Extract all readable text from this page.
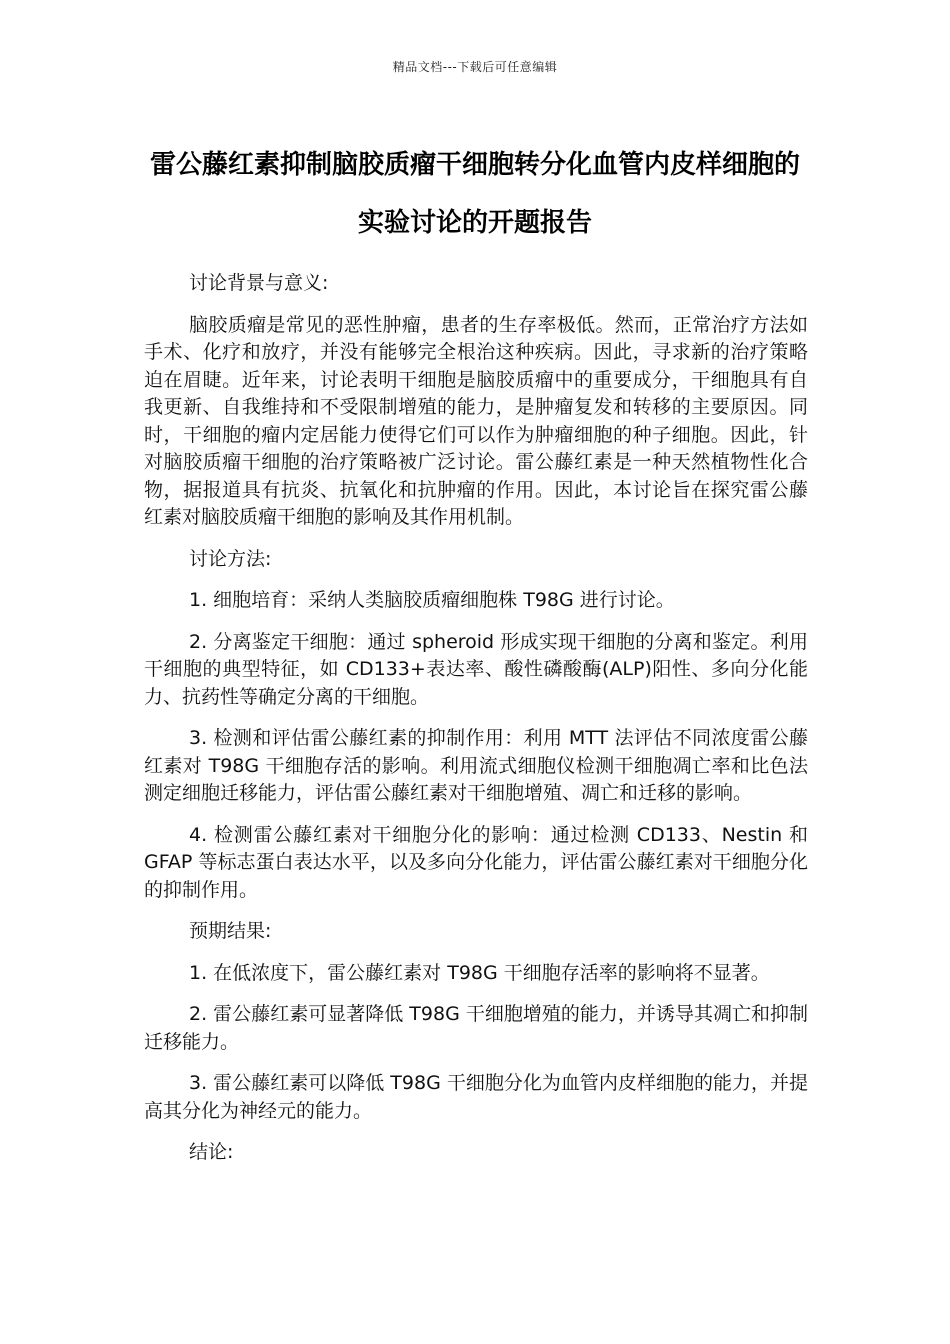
精品文档---下载后可任意编辑
雷公藤红素抑制脑胶质瘤干细胞转分化血管内皮样细胞的实验讨论的开题报告

讨论背景与意义:

脑胶质瘤是常见的恶性肿瘤，患者的生存率极低。然而，正常治疗方法如手术、化疗和放疗，并没有能够完全根治这种疾病。因此，寻求新的治疗策略迫在眉睫。近年来，讨论表明干细胞是脑胶质瘤中的重要成分，干细胞具有自我更新、自我维持和不受限制增殖的能力，是肿瘤复发和转移的主要原因。同时，干细胞的瘤内定居能力使得它们可以作为肿瘤细胞的种子细胞。因此，针对脑胶质瘤干细胞的治疗策略被广泛讨论。雷公藤红素是一种天然植物性化合物，据报道具有抗炎、抗氧化和抗肿瘤的作用。因此，本讨论旨在探究雷公藤红素对脑胶质瘤干细胞的影响及其作用机制。

讨论方法:

1. 细胞培育：采纳人类脑胶质瘤细胞株 T98G 进行讨论。

2. 分离鉴定干细胞：通过 spheroid 形成实现干细胞的分离和鉴定。利用干细胞的典型特征，如 CD133+表达率、酸性磷酸酶(ALP)阳性、多向分化能力、抗药性等确定分离的干细胞。

3. 检测和评估雷公藤红素的抑制作用：利用 MTT 法评估不同浓度雷公藤红素对 T98G 干细胞存活的影响。利用流式细胞仪检测干细胞凋亡率和比色法测定细胞迁移能力，评估雷公藤红素对干细胞增殖、凋亡和迁移的影响。

4. 检测雷公藤红素对干细胞分化的影响：通过检测 CD133、Nestin 和 GFAP 等标志蛋白表达水平，以及多向分化能力，评估雷公藤红素对干细胞分化的抑制作用。

预期结果:

1. 在低浓度下，雷公藤红素对 T98G 干细胞存活率的影响将不显著。

2. 雷公藤红素可显著降低 T98G 干细胞增殖的能力，并诱导其凋亡和抑制迁移能力。

3. 雷公藤红素可以降低 T98G 干细胞分化为血管内皮样细胞的能力，并提高其分化为神经元的能力。

结论:
